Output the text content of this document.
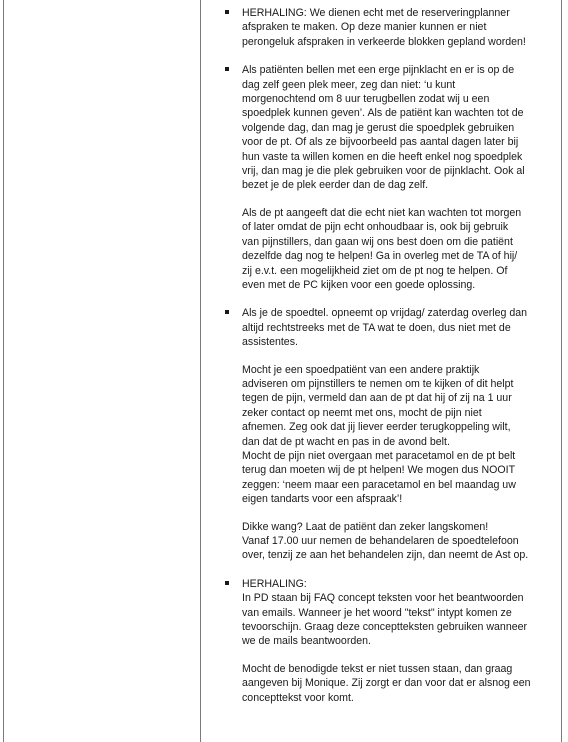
HERHALING: We dienen echt met de reserveringplanner
afspraken te maken. Op deze manier kunnen er niet
perongeluk afspraken in verkeerde blokken gepland worden!

Als patiënten bellen met een erge pijnklacht en er is op de
dag zelf geen plek meer, zeg dan niet: ‘u kunt
morgenochtend om 8 uur terugbellen zodat wij u een
spoedplek kunnen geven’. Als de patiënt kan wachten tot de
volgende dag, dan mag je gerust die spoedplek gebruiken
voor de pt. Of als ze bijvoorbeeld pas aantal dagen later bij
hun vaste ta willen komen en die heeft enkel nog spoedplek
vrij, dan mag je die plek gebruiken voor de pijnklacht. Ook al
bezet je de plek eerder dan de dag zelf.

Als de pt aangeeft dat die echt niet kan wachten tot morgen
of later omdat de pijn echt onhoudbaar is, ook bij gebruik
van pijnstillers, dan gaan wij ons best doen om die patiënt
dezelfde dag nog te helpen! Ga in overleg met de TA of hij/
zij e.v.t. een mogelijkheid ziet om de pt nog te helpen. Of
even met de PC kijken voor een goede oplossing.

Als je de spoedtel. opneemt op vrijdag/ zaterdag overleg dan
altijd rechtstreeks met de TA wat te doen, dus niet met de
assistentes.

Mocht je een spoedpatiënt van een andere praktijk
adviseren om pijnstillers te nemen om te kijken of dit helpt
tegen de pijn, vermeld dan aan de pt dat hij of zij na 1 uur
zeker contact op neemt met ons, mocht de pijn niet
afnemen. Zeg ook dat jij liever eerder terugkoppeling wilt,
dan dat de pt wacht en pas in de avond belt.
Mocht de pijn niet overgaan met paracetamol en de pt belt
terug dan moeten wij de pt helpen! We mogen dus NOOIT
zeggen: ‘neem maar een paracetamol en bel maandag uw
eigen tandarts voor een afspraak’!

Dikke wang? Laat de patiënt dan zeker langskomen!
Vanaf 17.00 uur nemen de behandelaren de spoedtelefoon
over, tenzij ze aan het behandelen zijn, dan neemt de Ast op.

HERHALING:
In PD staan bij FAQ concept teksten voor het beantwoorden
van emails. Wanneer je het woord "tekst" intypt komen ze
tevoorschijn. Graag deze conceptteksten gebruiken wanneer
we de mails beantwoorden.

Mocht de benodigde tekst er niet tussen staan, dan graag
aangeven bij Monique. Zij zorgt er dan voor dat er alsnog een
concepttekst voor komt.
